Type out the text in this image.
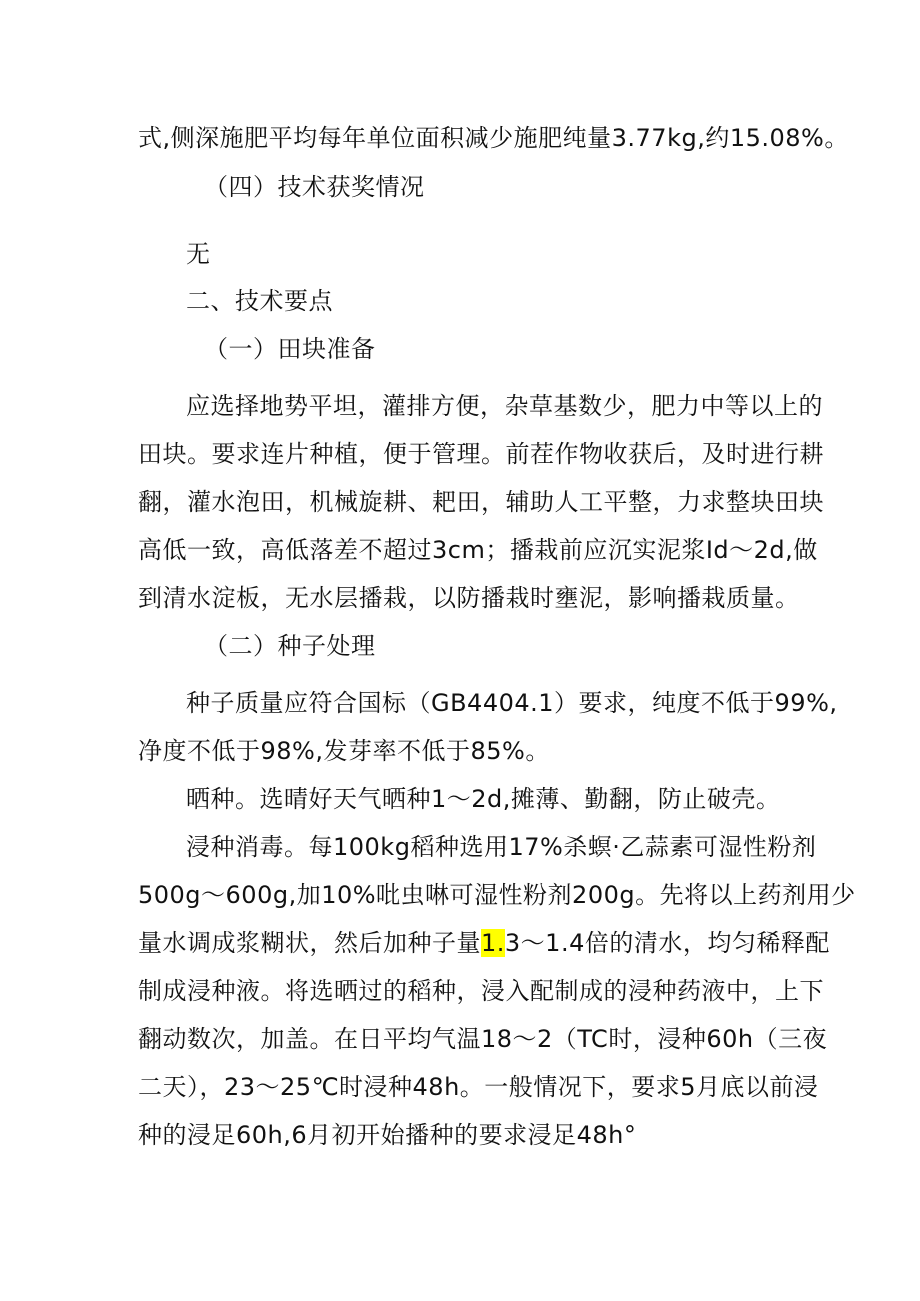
式,侧深施肥平均每年单位面积减少施肥纯量3.77kg,约15.08%。
（四）技术获奖情况
无
二、技术要点
（一）田块准备
应选择地势平坦，灌排方便，杂草基数少，肥力中等以上的
田块。要求连片种植，便于管理。前茬作物收获后，及时进行耕
翻，灌水泡田，机械旋耕、耙田，辅助人工平整，力求整块田块
高低一致，高低落差不超过3cm；播栽前应沉实泥浆Id～2d,做
到清水淀板，无水层播栽，以防播栽时壅泥，影响播栽质量。
（二）种子处理
种子质量应符合国标（GB4404.1）要求，纯度不低于99%,
净度不低于98%,发芽率不低于85%。
晒种。选晴好天气晒种1～2d,摊薄、勤翻，防止破壳。
浸种消毒。每100kg稻种选用17%杀螟·乙蒜素可湿性粉剂
500g～600g,加10%吡虫啉可湿性粉剂200g。先将以上药剂用少
量水调成浆糊状，然后加种子量1.3～1.4倍的清水，均匀稀释配
制成浸种液。将选晒过的稻种，浸入配制成的浸种药液中，上下
翻动数次，加盖。在日平均气温18～2（TC时，浸种60h（三夜
二天），23～25℃时浸种48h。一般情况下，要求5月底以前浸
种的浸足60h,6月初开始播种的要求浸足48h°
